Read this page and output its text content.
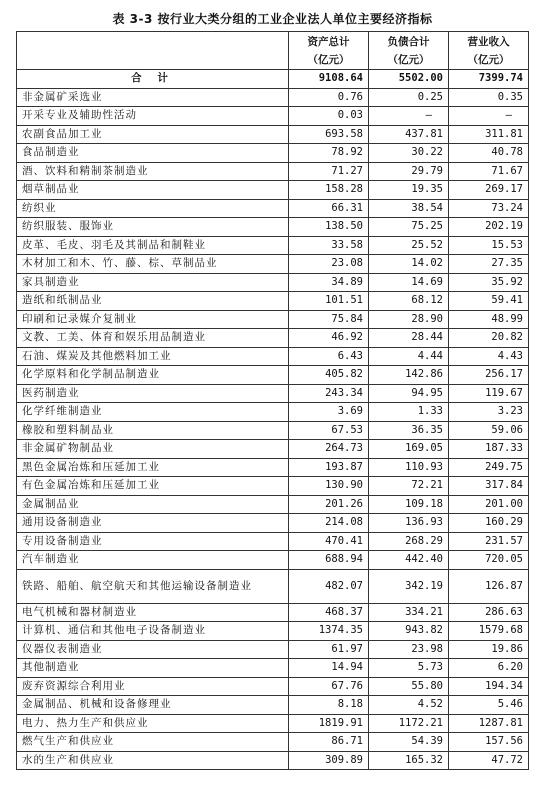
表 3-3 按行业大类分组的工业企业法人单位主要经济指标
	资产总计	负债合计	营业收入
	（亿元）	（亿元）	（亿元）
合 计	9108.64	5502.00	7399.74
非金属矿采选业	0.76	0.25	0.35
开采专业及辅助性活动	0.03	—	—
农副食品加工业	693.58	437.81	311.81
食品制造业	78.92	30.22	40.78
酒、饮料和精制茶制造业	71.27	29.79	71.67
烟草制品业	158.28	19.35	269.17
纺织业	66.31	38.54	73.24
纺织服装、服饰业	138.50	75.25	202.19
皮革、毛皮、羽毛及其制品和制鞋业	33.58	25.52	15.53
木材加工和木、竹、藤、棕、草制品业	23.08	14.02	27.35
家具制造业	34.89	14.69	35.92
造纸和纸制品业	101.51	68.12	59.41
印刷和记录媒介复制业	75.84	28.90	48.99
文教、工美、体育和娱乐用品制造业	46.92	28.44	20.82
石油、煤炭及其他燃料加工业	6.43	4.44	4.43
化学原料和化学制品制造业	405.82	142.86	256.17
医药制造业	243.34	94.95	119.67
化学纤维制造业	3.69	1.33	3.23
橡胶和塑料制品业	67.53	36.35	59.06
非金属矿物制品业	264.73	169.05	187.33
黑色金属冶炼和压延加工业	193.87	110.93	249.75
有色金属冶炼和压延加工业	130.90	72.21	317.84
金属制品业	201.26	109.18	201.00
通用设备制造业	214.08	136.93	160.29
专用设备制造业	470.41	268.29	231.57
汽车制造业	688.94	442.40	720.05
铁路、船舶、航空航天和其他运输设备制造业	482.07	342.19	126.87
电气机械和器材制造业	468.37	334.21	286.63
计算机、通信和其他电子设备制造业	1374.35	943.82	1579.68
仪器仪表制造业	61.97	23.98	19.86
其他制造业	14.94	5.73	6.20
废弃资源综合利用业	67.76	55.80	194.34
金属制品、机械和设备修理业	8.18	4.52	5.46
电力、热力生产和供应业	1819.91	1172.21	1287.81
燃气生产和供应业	86.71	54.39	157.56
水的生产和供应业	309.89	165.32	47.72
